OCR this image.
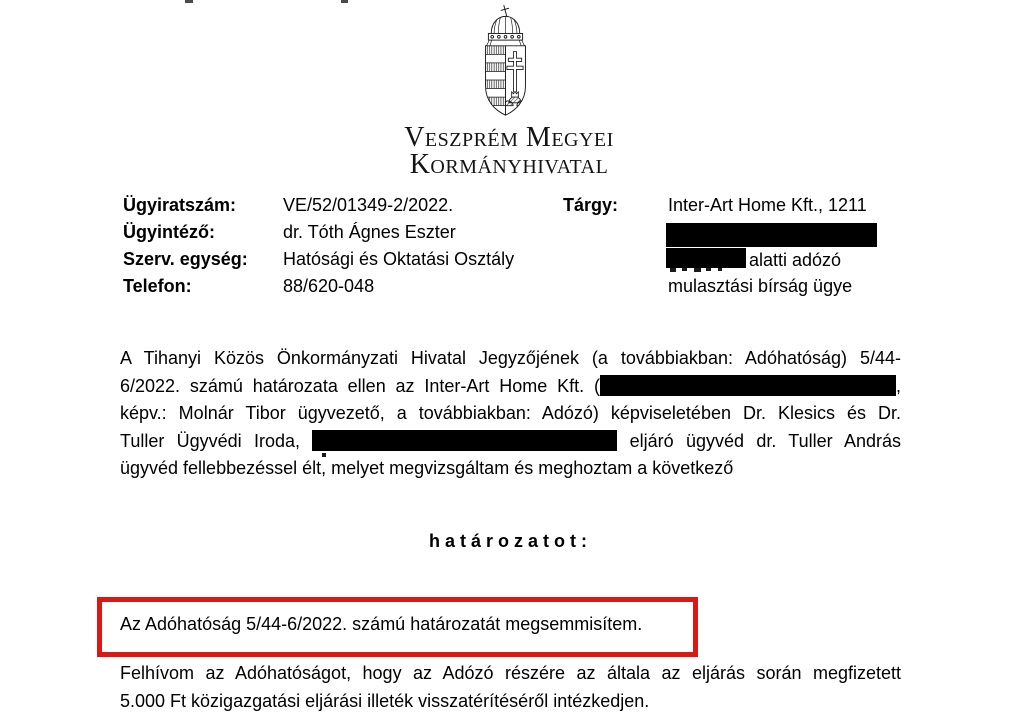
Veszprém Megyei
Kormányhivatal
Ügyiratszám:	VE/52/01349-2/2022.
Ügyintéző:	dr. Tóth Ágnes Eszter
Szerv. egység: Hatósági és Oktatási Osztály
Telefon:	88/620-048
Tárgy:	Inter-Art Home Kft., 1211
alatti adózó
mulasztási bírság ügye
A Tihanyi Közös Önkormányzati Hivatal Jegyzőjének (a továbbiakban: Adóhatóság) 5/44-
6/2022. számú határozata ellen az Inter-Art Home Kft. (	,
képv.: Molnár Tibor ügyvezető, a továbbiakban: Adózó) képviseletében Dr. Klesics és Dr.
Tuller Ügyvédi Iroda,	eljáró ügyvéd dr. Tuller András
ügyvéd fellebbezéssel élt, melyet megvizsgáltam és meghoztam a következő
határozatot:
Az Adóhatóság 5/44-6/2022. számú határozatát megsemmisítem.
Felhívom az Adóhatóságot, hogy az Adózó részére az általa az eljárás során megfizetett
5.000 Ft közigazgatási eljárási illeték visszatérítéséről intézkedjen.
